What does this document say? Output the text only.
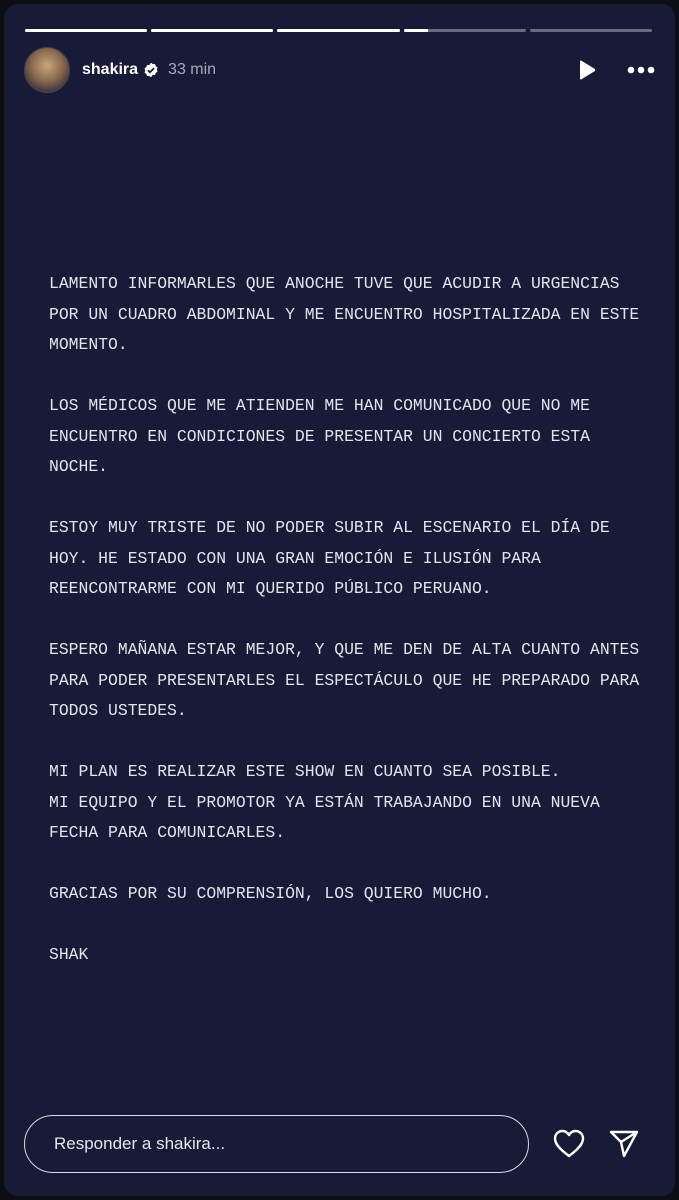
shakira 33 min
LAMENTO INFORMARLES QUE ANOCHE TUVE QUE ACUDIR A URGENCIAS
POR UN CUADRO ABDOMINAL Y ME ENCUENTRO HOSPITALIZADA EN ESTE
MOMENTO.

LOS MÉDICOS QUE ME ATIENDEN ME HAN COMUNICADO QUE NO ME
ENCUENTRO EN CONDICIONES DE PRESENTAR UN CONCIERTO ESTA
NOCHE.

ESTOY MUY TRISTE DE NO PODER SUBIR AL ESCENARIO EL DÍA DE
HOY. HE ESTADO CON UNA GRAN EMOCIÓN E ILUSIÓN PARA
REENCONTRARME CON MI QUERIDO PÚBLICO PERUANO.

ESPERO MAÑANA ESTAR MEJOR, Y QUE ME DEN DE ALTA CUANTO ANTES
PARA PODER PRESENTARLES EL ESPECTÁCULO QUE HE PREPARADO PARA
TODOS USTEDES.

MI PLAN ES REALIZAR ESTE SHOW EN CUANTO SEA POSIBLE.
MI EQUIPO Y EL PROMOTOR YA ESTÁN TRABAJANDO EN UNA NUEVA
FECHA PARA COMUNICARLES.

GRACIAS POR SU COMPRENSIÓN, LOS QUIERO MUCHO.

SHAK
Responder a shakira...
